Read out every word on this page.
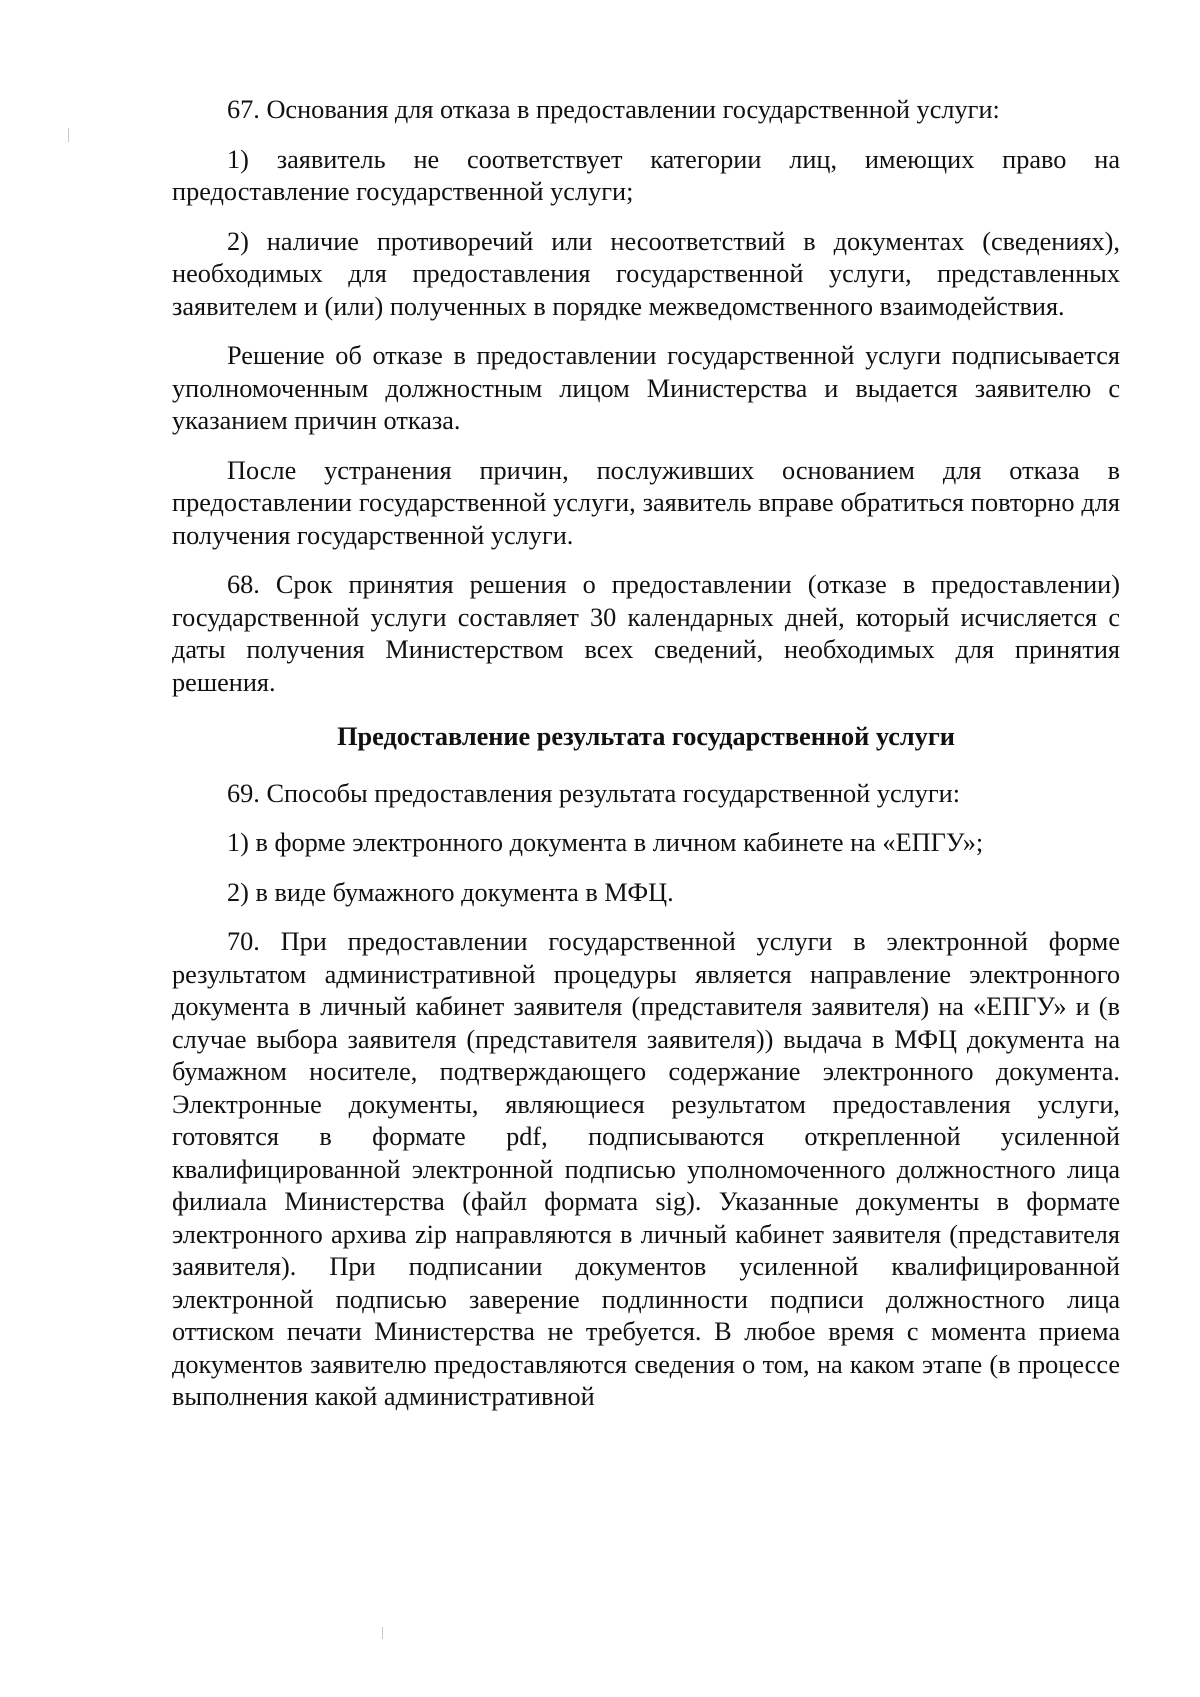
67. Основания для отказа в предоставлении государственной услуги:

1) заявитель не соответствует категории лиц, имеющих право на предоставление государственной услуги;

2) наличие противоречий или несоответствий в документах (сведениях), необходимых для предоставления государственной услуги, представленных заявителем и (или) полученных в порядке межведомственного взаимодействия.

Решение об отказе в предоставлении государственной услуги подписывается уполномоченным должностным лицом Министерства и выдается заявителю с указанием причин отказа.

После устранения причин, послуживших основанием для отказа в предоставлении государственной услуги, заявитель вправе обратиться повторно для получения государственной услуги.

68. Срок принятия решения о предоставлении (отказе в предоставлении) государственной услуги составляет 30 календарных дней, который исчисляется с даты получения Министерством всех сведений, необходимых для принятия решения.

Предоставление результата государственной услуги

69. Способы предоставления результата государственной услуги:

1) в форме электронного документа в личном кабинете на «ЕПГУ»;

2) в виде бумажного документа в МФЦ.

70. При предоставлении государственной услуги в электронной форме результатом административной процедуры является направление электронного документа в личный кабинет заявителя (представителя заявителя) на «ЕПГУ» и (в случае выбора заявителя (представителя заявителя)) выдача в МФЦ документа на бумажном носителе, подтверждающего содержание электронного документа. Электронные документы, являющиеся результатом предоставления услуги, готовятся в формате pdf, подписываются открепленной усиленной квалифицированной электронной подписью уполномоченного должностного лица филиала Министерства (файл формата sig). Указанные документы в формате электронного архива zip направляются в личный кабинет заявителя (представителя заявителя). При подписании документов усиленной квалифицированной электронной подписью заверение подлинности подписи должностного лица оттиском печати Министерства не требуется. В любое время с момента приема документов заявителю предоставляются сведения о том, на каком этапе (в процессе выполнения какой административной
